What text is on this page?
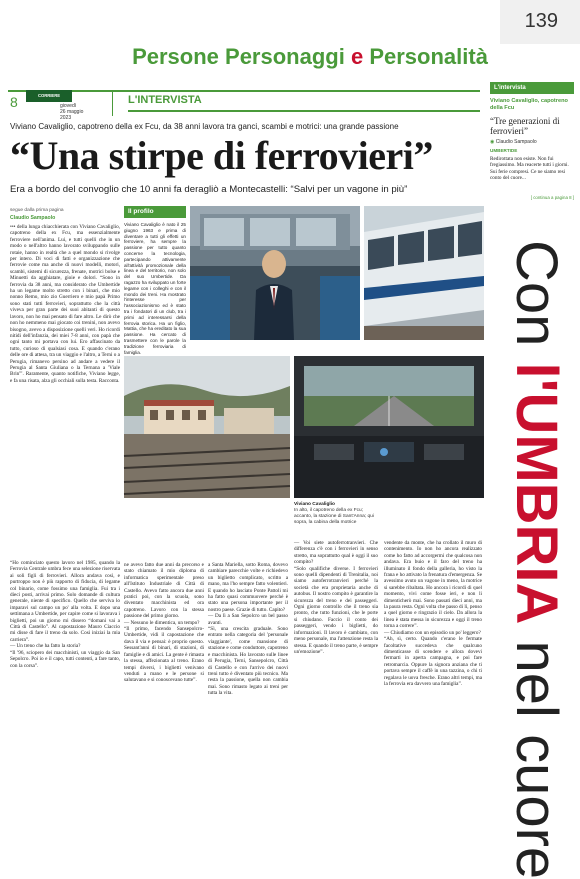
139
Persone Personaggi e Personalità
8	CORRIERE DELL'UMBRIA
giovedì
26 maggio
2023
L'INTERVISTA
Viviano Cavaliglio, capotreno della ex Fcu, da 38 anni lavora tra ganci, scambi e motrici: una grande passione
“Una stirpe di ferrovieri”
Era a bordo del convoglio che 10 anni fa deragliò a Montecastelli: “Salvi per un vagone in più”
segue dalla prima pagina
Claudio Sampaolo
••• della lunga chiacchierata con Viviano Cavaliglio, capotreno della ex Fcu, ma essenzialmente ferroviere nell'anima. Lui, e tutti quelli che in un modo o nell'altro hanno lavorato sviluppando sulle rotaie, hanno in realtà che a quel mondo si rivolge per intero. Di voci di fatti e organizzazione che ferrovie come ma anche di nuovi modelli, motori, scambi, sistemi di sicurezza, frenate, motrici bolse e Minuetti da agghiatare, gioie e dolori. “Sono in ferrovia da 38 anni, ma considerato che Umbertide ha un legame molto stretto con i binari, che mio nonno Remo, mio zio Guerriero e mio papà Primo sono stati tutti ferrovieri, soprattutto che la città viveva per gran parte dei suoi abitanti di questo lavoro, non ho mai pensato di fare altro. Le dirò che non ho nemmeno mai giocato coi trenini, non avevo bisogno, avevo a disposizione quelli veri. Ho ricordi nitidi dell'infanzia, dei miei 7-8 anni, con papà che ogni tanto mi portava con lui. Ero affascinato da tutto, curioso di qualsiasi cosa. E quando c'erano delle ore di attesa, tra un viaggio e l'altro, a Terni o a Perugia, rimanevo persino ad andare a vedere il Perugia al Santa Giuliana o la Ternana a 'Viale Brin'”. Raramente, quanto notifiche, Viviano legge, e fa una risata, alza gli occhiali sulla testa. Racconta.
“Ho cominciato questo lavoro nel 1985, quando la Ferrovia Centrale umbra fece una selezione riservata ai soli figli di ferrovieri. Allora andava così, e purtroppo non è più rapporto di fiducia, di legame col binario, come fossimo una famiglia. Fui tra i dieci posti, arrivai primo. Solo domande di cultura generale, niente di specifico. Quello che serviva lo imparavi sul campo un po' alla volta. E dopo una settimana a Umbertide, per capire come si lavorava i biglietti, poi un giorno mi dissero “domani vai a Città di Castello”. Al capostazione Mauro Ciaccio mi disse di fare il treno da solo. Così iniziai la mia carriera”.
— Un treno che ha fatto la storia?
“Il '96, sciopero dei macchinisti, un viaggio da San Sepolcro. Poi io e il capo, tutti contenti, a fare tanto, con la corsa”.
Il profilo
Viviano Cavaliglio è nato il 25 giugno 1963 e prima di diventare a tutti gli effetti un ferroviere, ha sempre la passione per tutto quanto concerne la tecnologia, partecipando attivamente all'attività promozionale della linea e del territorio, non solo del suo Umbertide. Da ragazzo ha sviluppato un forte legame con i colleghi e con il mondo dei treni. Ha mostrato l'interesse per l'associazionismo ed è stato tra i fondatori di un club, tra i primi ad interessarsi della ferrovia storica. Ha un figlio, Mattia, che ha ereditato la sua passione. Ha cercato di trasmettere con le parole la tradizione ferroviaria di famiglia.
Viviano Cavaliglio
In alto, il capotreno della ex Fcu; accanto, la stazione di Sant'Anna; qui sopra, la cabina della motrice
ne avevo fatto due anni da precorso e stato chiamato il mio diploma di informatica sperimentale preso all'Istituto Industriale di Città di Castello. Avevo fatto ancora due anni pratici poi, con la scuola, sono diventato macchinista ed ora capotreno. Lavoro con la stessa passione del primo giorno.
— Nessuno le dimentica, un tempo?
“Il primo, facendo Sansepolcro-Umbertide, vidi il capostazione che dava il via e pensai: è proprio questo. Sessant'anni di binari, di stazioni, di famiglie e di amici. La gente è rimasta la stessa, affezionata al treno. Erano tempi diversi, i biglietti venivano venduti a mano e le persone si salutavano e si conoscevano tutte”.
a Santa Mariella, sotto Roma, dovevo cambiare parecchie volte e richiedevo un biglietto complicato, scritto a mano, ma l'ho sempre fatto volentieri. E quando ho lasciato Ponte Pattoli mi ha fatto quasi commuovere perché è stato una persona importante per il nostro paese. Grazie di tutto. Capito?
— Da lì a San Sepolcro un bel passo avanti.
“Sì, una crescita graduale. Sono entrato nella categoria del 'personale viaggiante', come mansione di stazione e come conduttore, capotreno e macchinista. Ho lavorato sulle linee di Perugia, Terni, Sansepolcro, Città di Castello e con l'arrivo dei nuovi treni tutto è diventato più tecnico. Ma resta la passione, quella non cambia mai. Sono rimasto legato ai treni per tutta la vita.
— Voi siete autoferrotranvieri. Che differenza c'è con i ferrovieri in senso stretto, ma soprattutto qual è oggi il suo compito?
“Solo qualifiche diverse. I ferrovieri sono quelli dipendenti di Trenitalia, noi siamo autoferrotranvieri perché la società che era proprietaria anche di autobus. Il nostro compito è garantire la sicurezza del treno e dei passeggeri. Ogni giorno controllo che il treno sia pronto, che tutto funzioni, che le porte si chiudano. Faccio il conto dei passeggeri, vendo i biglietti, do informazioni. Il lavoro è cambiato, con meno personale, ma l'attenzione resta la stessa. E quando il treno parte, è sempre un'emozione”.
vendente da monte, che ha crollato il muro di contenimento. Io non ho ancora realizzato come ho fatto ad accorgermi che qualcosa non andava. Era buio e il faro del treno ha illuminato il fondo della galleria, ho visto la frana e ho attivato la frenatura d'emergenza. Se avessimo avuto un vagone in meno, la motrice si sarebbe ribaltata. Ho ancora i ricordi di quel momento, vivi come fosse ieri, e non li dimenticherò mai. Sono passati dieci anni, ma la paura resta. Ogni volta che passo di lì, penso a quel giorno e ringrazio il cielo. Da allora la linea è stata messa in sicurezza e oggi il treno torna a correre”.
— Chiudiamo con un episodio un po' leggero?
“Ah, sì, certo. Quando c'erano le fermate facoltative succedeva che qualcuno dimenticasse di scendere e allora dovevi fermarti in aperta campagna, e poi fare retromarcia. Oppure la signora anziana che ti portava sempre il caffè in una tazzina, o chi ti regalava le uova fresche. Erano altri tempi, ma la ferrovia era davvero una famiglia”.
L'intervista
Viviano Cavaliglio, capotreno della Fcu
“Tre generazioni di ferrovieri”
◉ Claudio Sampaolo
UMBERTIDE
Redirottata non esiste. Non fui fregiassimo. Ma reacerte tutti i giorni. Sui ferie compresi. Ce ne siamo resi conto del cuore...
[ continua a pagina 8 ]
Con l'UMBRIA nel cuore
